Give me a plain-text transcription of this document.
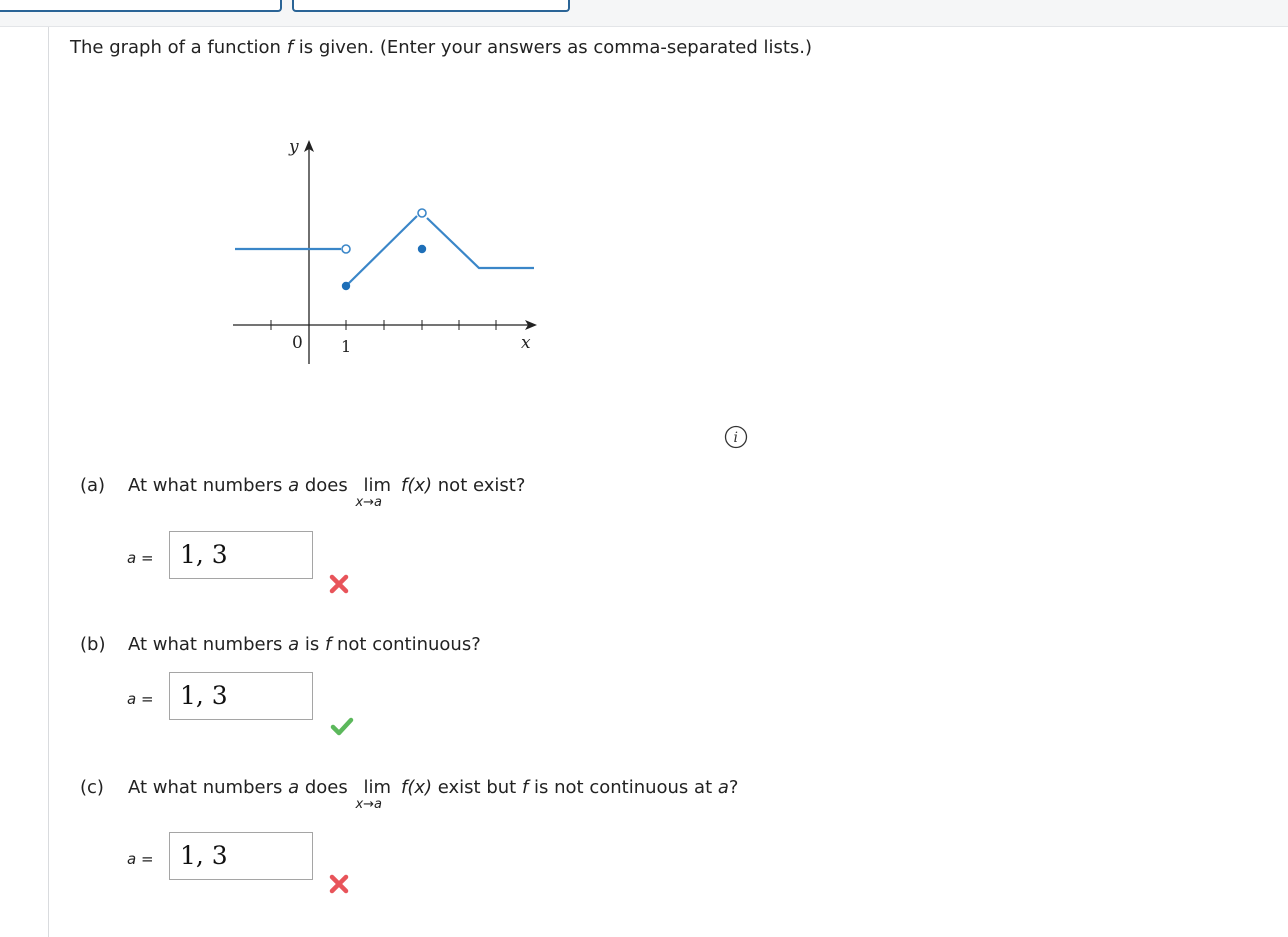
The graph of a function f is given. (Enter your answers as comma-separated lists.)
y
x
0 1
i
(a) At what numbers a does lim
x→a
f(x) not exist?
a =	1, 3
(b) At what numbers a is f not continuous?
a =	1, 3
(c) At what numbers a does lim
x→a
f(x) exist but f is not continuous at a?
a =	1, 3
